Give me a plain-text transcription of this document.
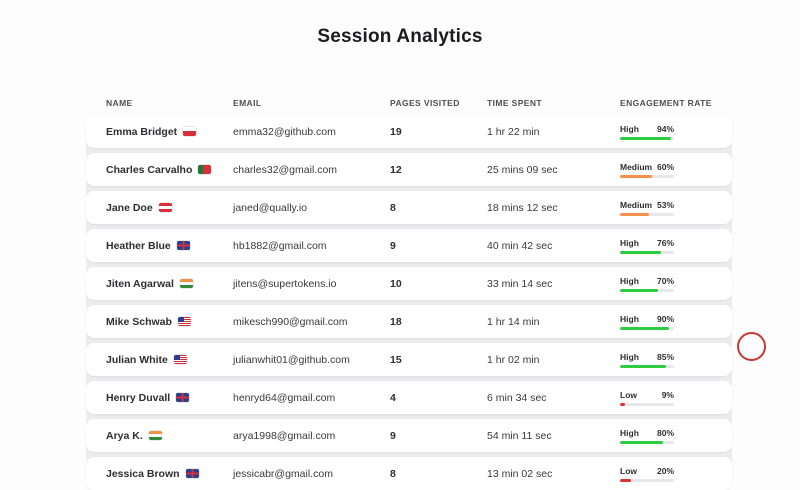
Session Analytics
NAME	EMAIL	PAGES VISITED	TIME SPENT	ENGAGEMENT RATE
Emma Bridget	emma32@github.com	19	1 hr 22 min	High 94%
Charles Carvalho	charles32@gmail.com	12	25 mins 09 sec	Medium 60%
Jane Doe	janed@qually.io	8	18 mins 12 sec	Medium 53%
Heather Blue	hb1882@gmail.com	9	40 min 42 sec	High 76%
Jiten Agarwal	jitens@supertokens.io	10	33 min 14 sec	High 70%
Mike Schwab	mikesch990@gmail.com	18	1 hr 14 min	High 90%
Julian White	julianwhit01@github.com	15	1 hr 02 min	High 85%
Henry Duvall	henryd64@gmail.com	4	6 min 34 sec	Low	9%
Arya K.	arya1998@gmail.com	9	54 min 11 sec	High 80%
Jessica Brown	jessicabr@gmail.com	8	13 min 02 sec	Low 20%
